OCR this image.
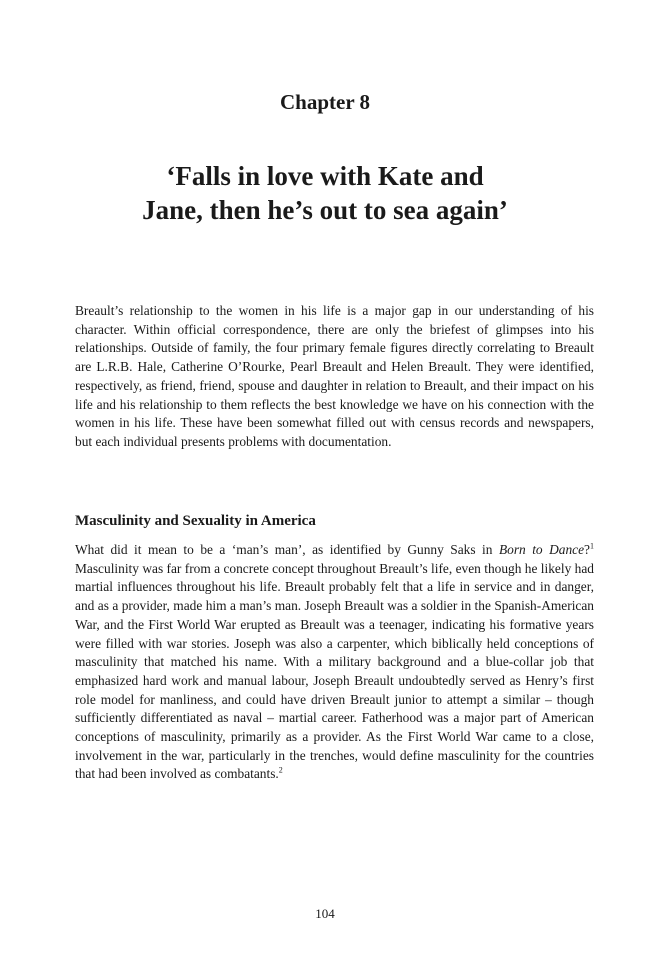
Chapter 8
‘Falls in love with Kate and
Jane, then he’s out to sea again’

Breault’s relationship to the women in his life is a major gap in our understanding of his character. Within official correspondence, there are only the briefest of glimpses into his relationships. Outside of family, the four primary female figures directly correlating to Breault are L.R.B. Hale, Catherine O’Rourke, Pearl Breault and Helen Breault. They were identified, respectively, as friend, friend, spouse and daughter in relation to Breault, and their impact on his life and his relationship to them reflects the best knowledge we have on his connection with the women in his life. These have been somewhat filled out with census records and newspapers, but each individual presents problems with documentation.

Masculinity and Sexuality in America

What did it mean to be a ‘man’s man’, as identified by Gunny Saks in Born to Dance?$^1$ Masculinity was far from a concrete concept throughout Breault’s life, even though he likely had martial influences throughout his life. Breault probably felt that a life in service and in danger, and as a provider, made him a man’s man. Joseph Breault was a soldier in the Spanish-American War, and the First World War erupted as Breault was a teenager, indicating his formative years were filled with war stories. Joseph was also a carpenter, which biblically held conceptions of masculinity that matched his name. With a military background and a blue-collar job that emphasized hard work and manual labour, Joseph Breault undoubtedly served as Henry’s first role model for manliness, and could have driven Breault junior to attempt a similar – though sufficiently differentiated as naval – martial career. Fatherhood was a major part of American conceptions of masculinity, primarily as a provider. As the First World War came to a close, involvement in the war, particularly in the trenches, would define masculinity for the countries that had been involved as combatants.$^2$

104
